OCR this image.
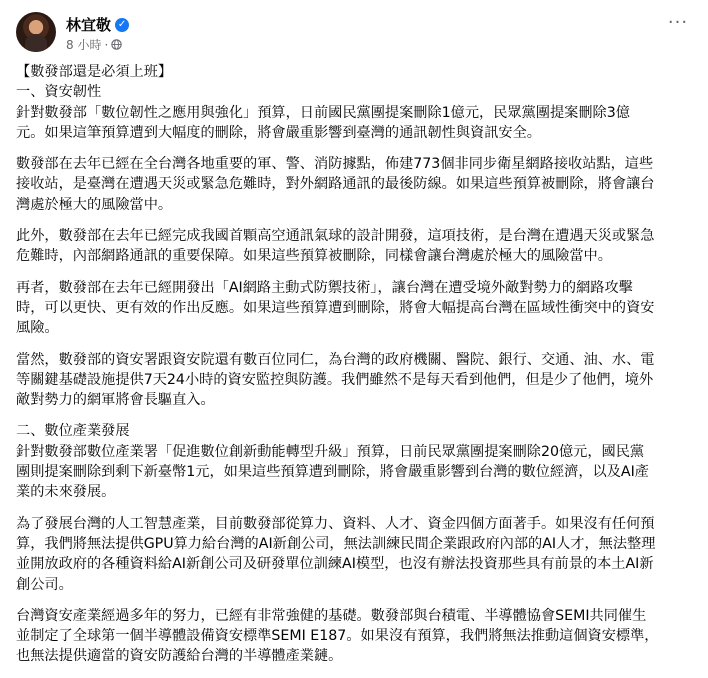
林宜敬 ✓
8 小時 ·
···

【數發部還是必須上班】

一、資安韌性

針對數發部「數位韌性之應用與強化」預算，日前國民黨團提案刪除1億元，民眾黨團提案刪除3億
元。如果這筆預算遭到大幅度的刪除，將會嚴重影響到臺灣的通訊韌性與資訊安全。

數發部在去年已經在全台灣各地重要的軍、警、消防據點，佈建773個非同步衛星網路接收站點，這些
接收站，是臺灣在遭遇天災或緊急危難時，對外網路通訊的最後防線。如果這些預算被刪除，將會讓台
灣處於極大的風險當中。

此外，數發部在去年已經完成我國首顆高空通訊氣球的設計開發，這項技術，是台灣在遭遇天災或緊急
危難時，內部網路通訊的重要保障。如果這些預算被刪除，同樣會讓台灣處於極大的風險當中。

再者，數發部在去年已經開發出「AI網路主動式防禦技術」，讓台灣在遭受境外敵對勢力的網路攻擊
時，可以更快、更有效的作出反應。如果這些預算遭到刪除，將會大幅提高台灣在區域性衝突中的資安
風險。

當然，數發部的資安署跟資安院還有數百位同仁，為台灣的政府機關、醫院、銀行、交通、油、水、電
等關鍵基礎設施提供7天24小時的資安監控與防護。我們雖然不是每天看到他們，但是少了他們，境外
敵對勢力的網軍將會長驅直入。

二、數位產業發展

針對數發部數位產業署「促進數位創新動能轉型升級」預算，日前民眾黨團提案刪除20億元，國民黨
團則提案刪除到剩下新臺幣1元，如果這些預算遭到刪除，將會嚴重影響到台灣的數位經濟，以及AI產
業的未來發展。

為了發展台灣的人工智慧產業，目前數發部從算力、資料、人才、資金四個方面著手。如果沒有任何預
算，我們將無法提供GPU算力給台灣的AI新創公司，無法訓練民間企業跟政府內部的AI人才，無法整理
並開放政府的各種資料給AI新創公司及研發單位訓練AI模型，也沒有辦法投資那些具有前景的本土AI新
創公司。

台灣資安產業經過多年的努力，已經有非常強健的基礎。數發部與台積電、半導體協會SEMI共同催生
並制定了全球第一個半導體設備資安標準SEMI E187。如果沒有預算，我們將無法推動這個資安標準，
也無法提供適當的資安防護給台灣的半導體產業鏈。
